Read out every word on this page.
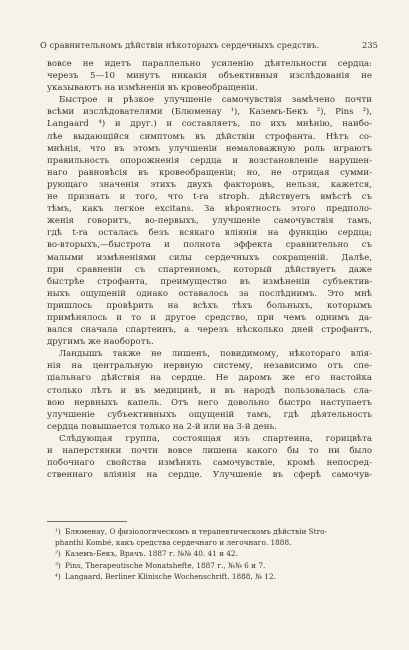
О сравнительномъ дѣйствіи нѣкоторыхъ сердечныхъ средствъ.	235
вовсе не идетъ параллельно усиленію дѣятельности сердца:
черезъ 5—10 минутъ никакія объективныя изслѣдованія не
указываютъ на измѣненія въ кровеобращеніи.
Быстрое и рѣзкое улучшеніе самочувствія замѣчено почти
всѣми изслѣдователями (Блюменау ¹), Каземъ-Бекъ ²), Pins ³),
Langaard ⁴) и друг.) и составляетъ, по ихъ мнѣнію, наибо-
лѣе выдающійся симптомъ въ дѣйствіи строфанта. Нѣтъ со-
мнѣнія, что въ этомъ улучшеніи немаловажную роль играютъ
правильность опорожненія сердца и возстановленіе нарушен-
наго равновѣсія въ кровеобращеніи; но, не отрицая сумми-
рующаго значенія этихъ двухъ факторовъ, нельзя, кажется,
не признать и того, что t-ra stroph. дѣйствуетъ вмѣстѣ съ
тѣмъ, какъ легкое excitans. За вѣроятность этого предполо-
женія говоритъ, во-первыхъ, улучшеніе самочувствія тамъ,
гдѣ t-ra осталась безъ всякаго вліянія на функцію сердца;
во-вторыхъ,—быстрота и полнота эффекта сравнительно съ
малыми измѣненіями силы сердечныхъ сокращеній. Далѣе,
при сравненіи съ спартеиномъ, который дѣйствуетъ даже
быстрѣе строфанта, преимущество въ измѣненіи субъектив-
ныхъ ощущеній однако оставалось за послѣднимъ. Это мнѣ
пришлось провѣрить на всѣхъ тѣхъ больныхъ, которымъ
примѣнялось и то и другое средство, при чемъ однимъ да-
вался сначала спартеинъ, а черезъ нѣсколько дней строфантъ,
другимъ же наоборотъ.
Ландышъ также не лишенъ, повидимому, нѣкотораго влія-
нія на центральную нервную систему, независимо отъ спе-
ціальнаго дѣйствія на сердце. Не даромъ же его настойка
столько лѣтъ и въ медицинѣ, и въ народѣ пользовалась сла-
вою нервныхъ капель. Отъ него довольно быстро наступаетъ
улучшеніе субъективныхъ ощущеній тамъ, гдѣ дѣятельность
сердца повышается только на 2-й или на 3-й день.
Слѣдующая группа, состоящая изъ спартеина, горицвѣта
и наперстянки почти вовсе лишена какого бы то ни было
побочнаго свойства измѣнять самочувствіе, кромѣ непосред-
ственнаго вліянія на сердце. Улучшеніе въ сферѣ самочув-
¹) Блюменау, О физіологическомъ и терапевтическомъ дѣйствіи Stro-
phanthi Kombé, какъ средства сердечнаго и легочнаго. 1888.
²) Каземъ-Бекъ, Врачъ. 1887 г. №№ 40. 41 и 42.
³) Pins, Therapeutische Monatshefte, 1887 г., №№ 6 и 7.
⁴) Langaard, Berliner Klinische Wochenschrift. 1888, № 12.
